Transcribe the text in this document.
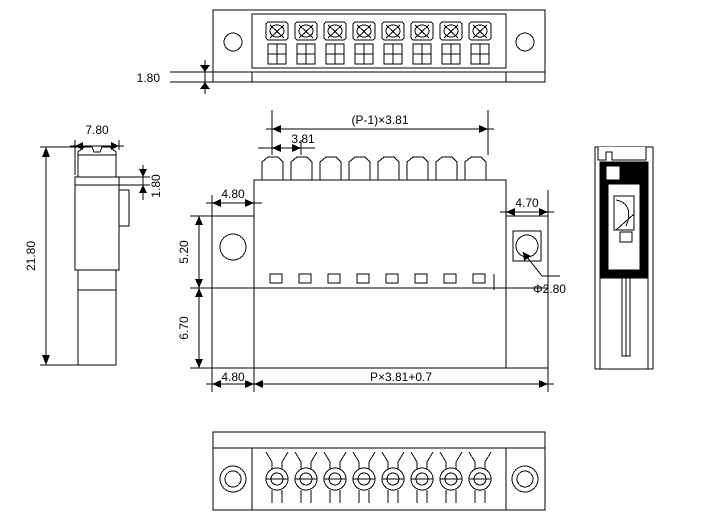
1.80
7.80
1.80
21.80
(P-1)×3.81
3.81
4.80
5.20
6.70
4.80	P×3.81+0.7
4.70
Φ2.80
